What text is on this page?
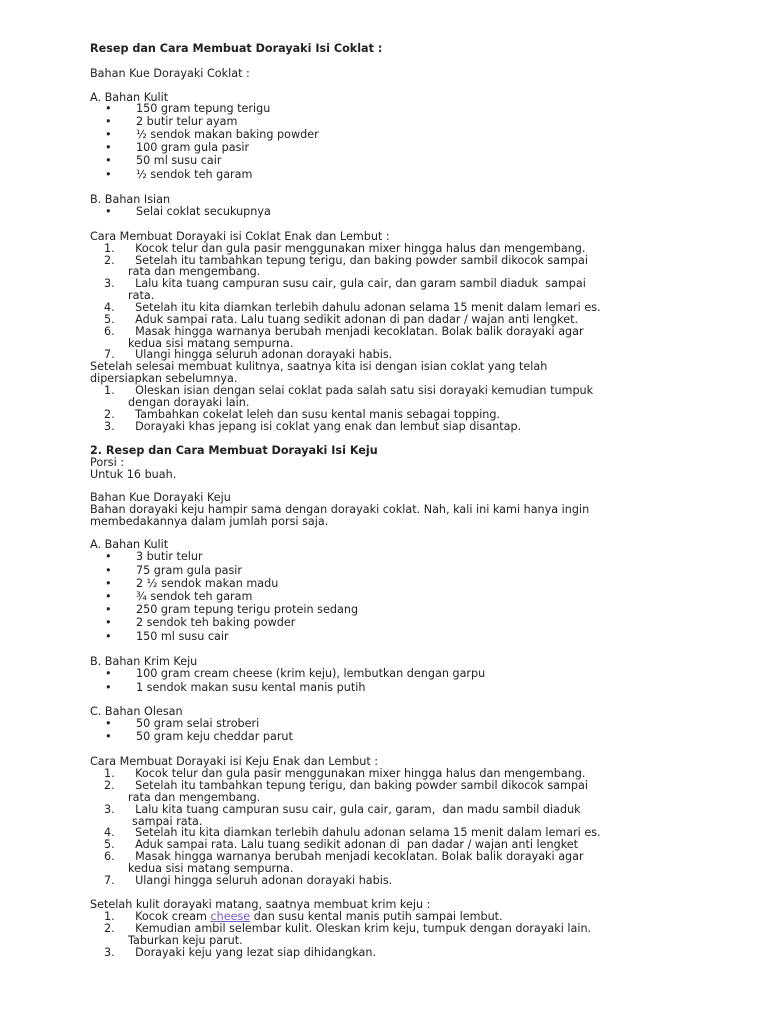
Resep dan Cara Membuat Dorayaki Isi Coklat :
Bahan Kue Dorayaki Coklat :
A. Bahan Kulit
• 150 gram tepung terigu
• 2 butir telur ayam
• ½ sendok makan baking powder
• 100 gram gula pasir
• 50 ml susu cair
• ½ sendok teh garam
B. Bahan Isian
• Selai coklat secukupnya
Cara Membuat Dorayaki isi Coklat Enak dan Lembut :
1. Kocok telur dan gula pasir menggunakan mixer hingga halus dan mengembang.
2. Setelah itu tambahkan tepung terigu, dan baking powder sambil dikocok sampai
rata dan mengembang.
3. Lalu kita tuang campuran susu cair, gula cair, dan garam sambil diaduk  sampai
rata.
4. Setelah itu kita diamkan terlebih dahulu adonan selama 15 menit dalam lemari es.
5. Aduk sampai rata. Lalu tuang sedikit adonan di pan dadar / wajan anti lengket.
6. Masak hingga warnanya berubah menjadi kecoklatan. Bolak balik dorayaki agar
kedua sisi matang sempurna.
7. Ulangi hingga seluruh adonan dorayaki habis.
Setelah selesai membuat kulitnya, saatnya kita isi dengan isian coklat yang telah
dipersiapkan sebelumnya.
1. Oleskan isian dengan selai coklat pada salah satu sisi dorayaki kemudian tumpuk
dengan dorayaki lain.
2. Tambahkan cokelat leleh dan susu kental manis sebagai topping.
3. Dorayaki khas jepang isi coklat yang enak dan lembut siap disantap.
2. Resep dan Cara Membuat Dorayaki Isi Keju
Porsi :
Untuk 16 buah.
Bahan Kue Dorayaki Keju
Bahan dorayaki keju hampir sama dengan dorayaki coklat. Nah, kali ini kami hanya ingin
membedakannya dalam jumlah porsi saja.
A. Bahan Kulit
• 3 butir telur
• 75 gram gula pasir
• 2 ½ sendok makan madu
• ¾ sendok teh garam
• 250 gram tepung terigu protein sedang
• 2 sendok teh baking powder
• 150 ml susu cair
B. Bahan Krim Keju
• 100 gram cream cheese (krim keju), lembutkan dengan garpu
• 1 sendok makan susu kental manis putih
C. Bahan Olesan
• 50 gram selai stroberi
• 50 gram keju cheddar parut
Cara Membuat Dorayaki isi Keju Enak dan Lembut :
1. Kocok telur dan gula pasir menggunakan mixer hingga halus dan mengembang.
2. Setelah itu tambahkan tepung terigu, dan baking powder sambil dikocok sampai
rata dan mengembang.
3. Lalu kita tuang campuran susu cair, gula cair, garam,  dan madu sambil diaduk
sampai rata.
4. Setelah itu kita diamkan terlebih dahulu adonan selama 15 menit dalam lemari es.
5. Aduk sampai rata. Lalu tuang sedikit adonan di  pan dadar / wajan anti lengket
6. Masak hingga warnanya berubah menjadi kecoklatan. Bolak balik dorayaki agar
kedua sisi matang sempurna.
7. Ulangi hingga seluruh adonan dorayaki habis.
Setelah kulit dorayaki matang, saatnya membuat krim keju :
1. Kocok cream cheese dan susu kental manis putih sampai lembut.
2. Kemudian ambil selembar kulit. Oleskan krim keju, tumpuk dengan dorayaki lain.
Taburkan keju parut.
3. Dorayaki keju yang lezat siap dihidangkan.
